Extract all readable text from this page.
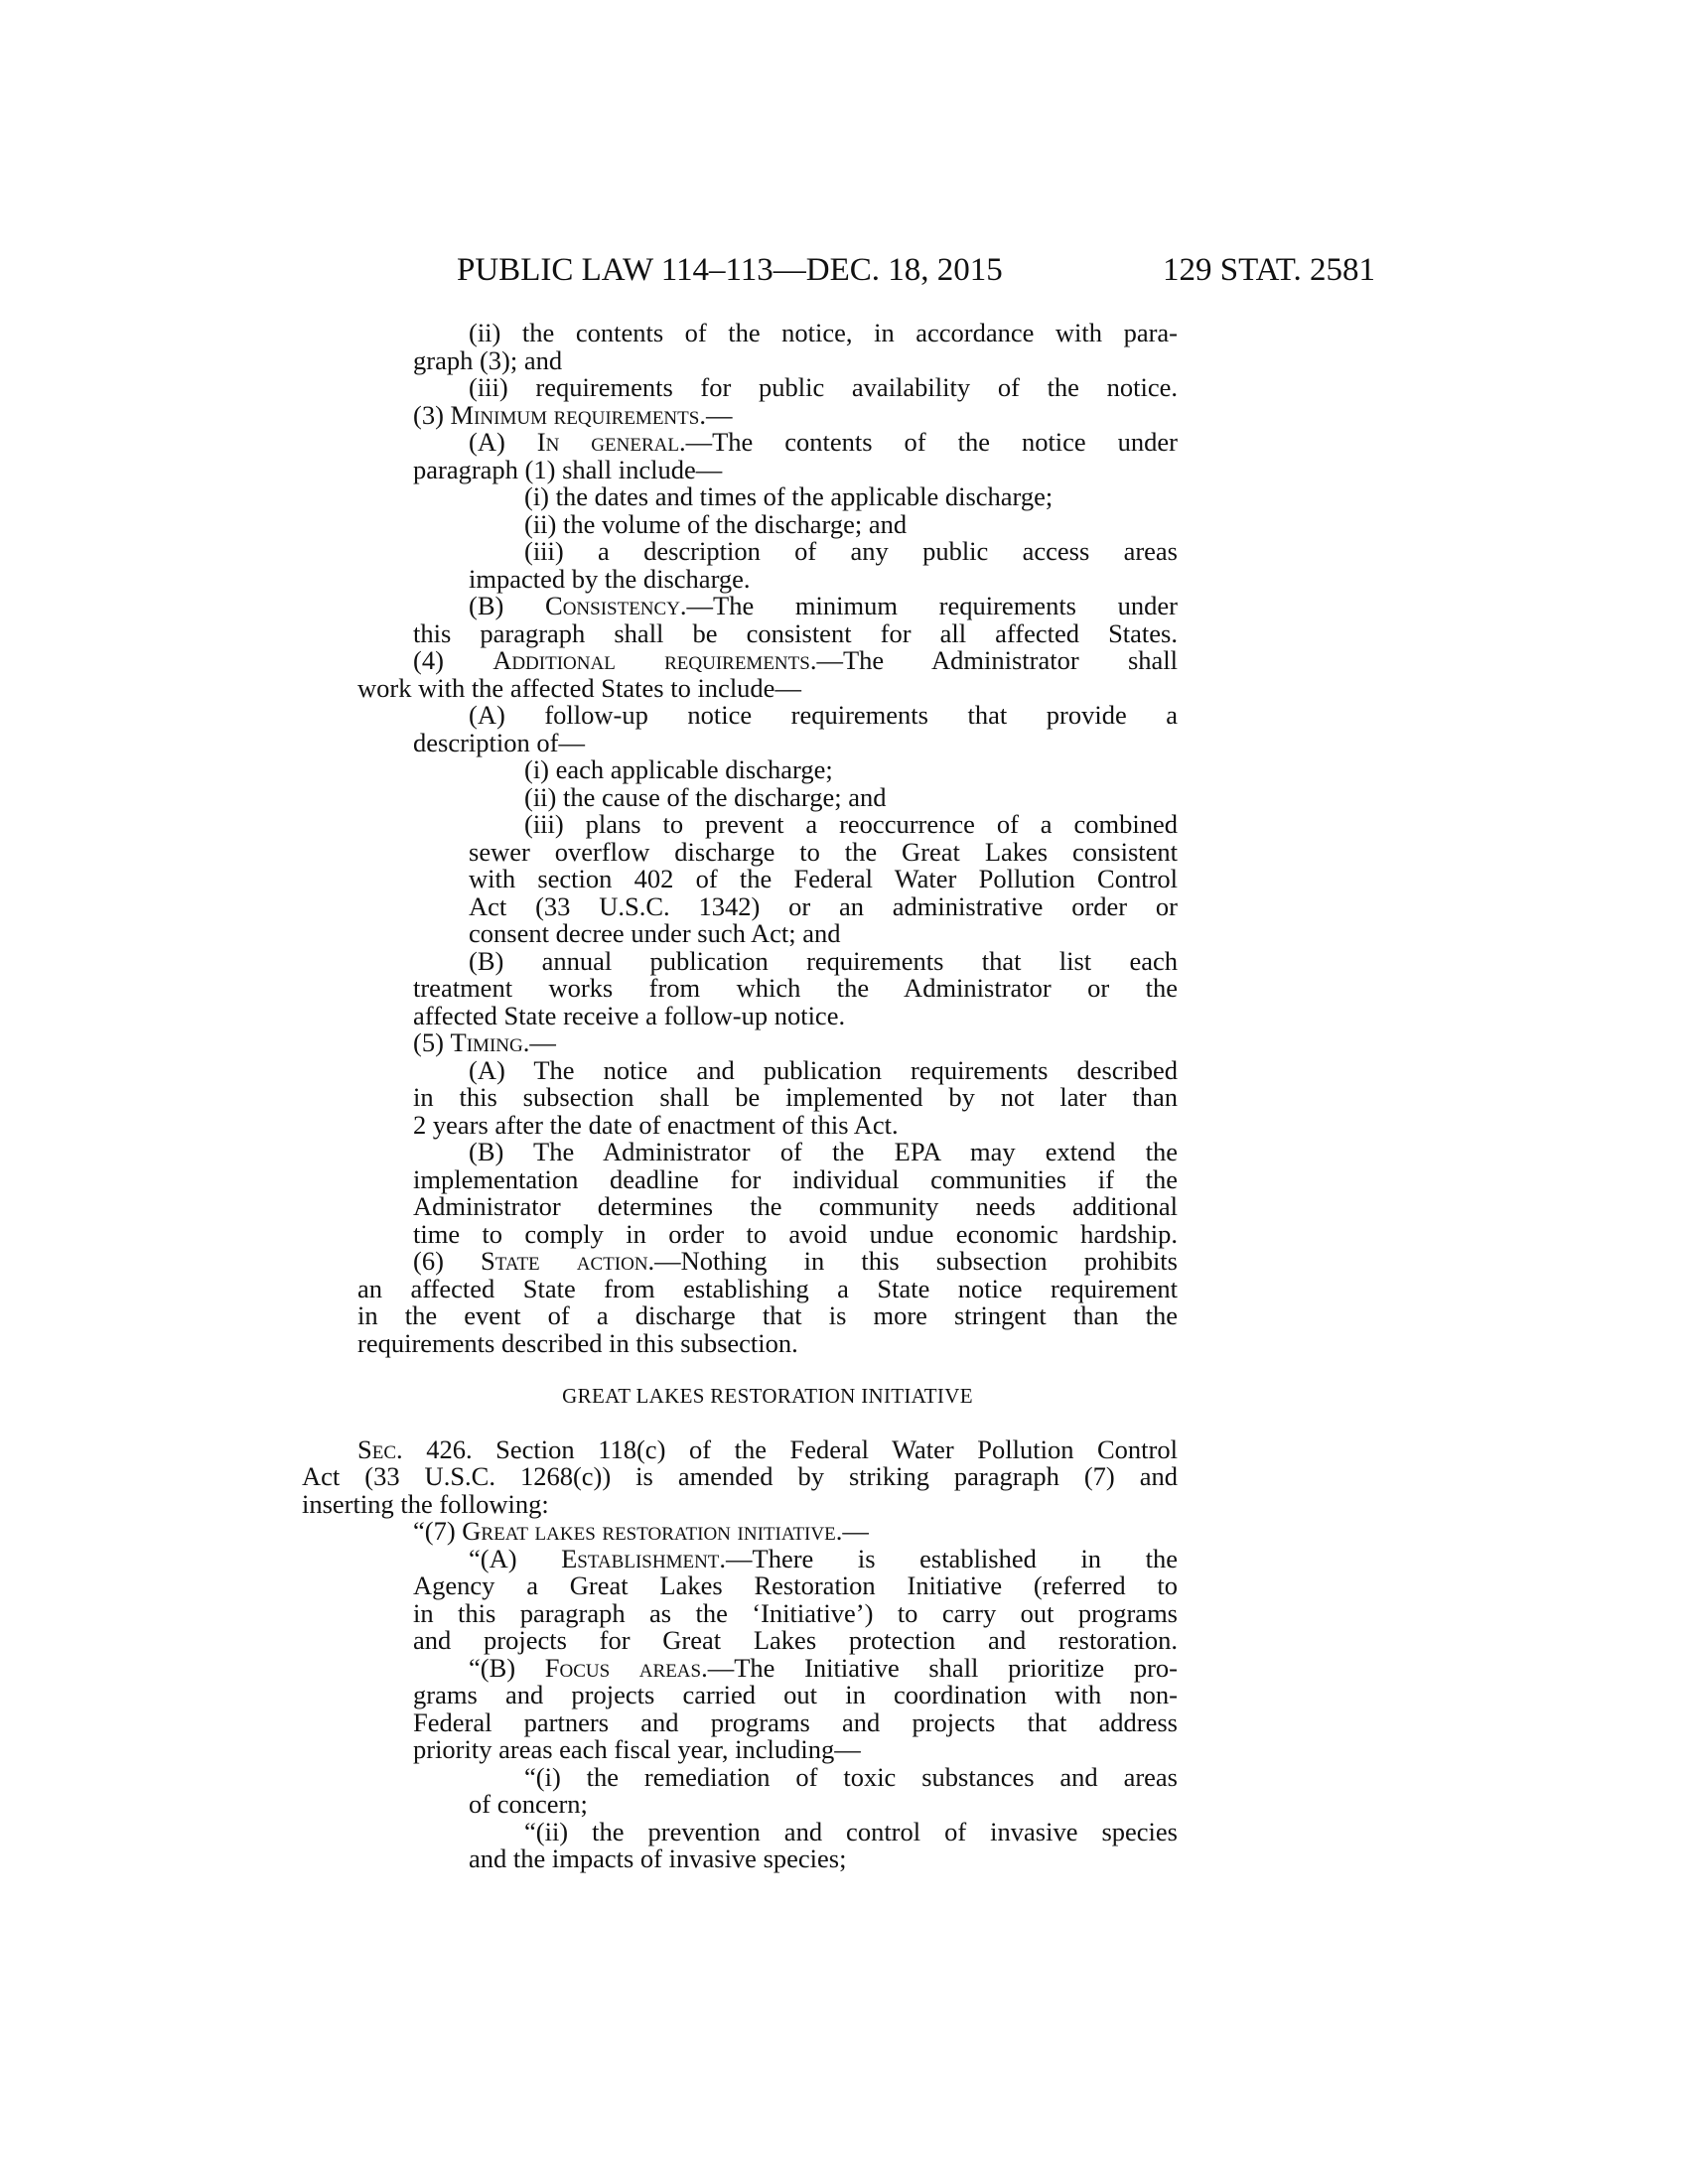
PUBLIC LAW 114–113—DEC. 18, 2015	129 STAT. 2581
(ii) the contents of the notice, in accordance with para-
graph (3); and
(iii) requirements for public availability of the notice.
(3) Minimum requirements.—
(A) In general.—The contents of the notice under
paragraph (1) shall include—
(i) the dates and times of the applicable discharge;
(ii) the volume of the discharge; and
(iii) a description of any public access areas
impacted by the discharge.
(B) Consistency.—The minimum requirements under
this paragraph shall be consistent for all affected States.
(4) Additional requirements.—The Administrator shall
work with the affected States to include—
(A) follow-up notice requirements that provide a
description of—
(i) each applicable discharge;
(ii) the cause of the discharge; and
(iii) plans to prevent a reoccurrence of a combined
sewer overflow discharge to the Great Lakes consistent
with section 402 of the Federal Water Pollution Control
Act (33 U.S.C. 1342) or an administrative order or
consent decree under such Act; and
(B) annual publication requirements that list each
treatment works from which the Administrator or the
affected State receive a follow-up notice.
(5) Timing.—
(A) The notice and publication requirements described
in this subsection shall be implemented by not later than
2 years after the date of enactment of this Act.
(B) The Administrator of the EPA may extend the
implementation deadline for individual communities if the
Administrator determines the community needs additional
time to comply in order to avoid undue economic hardship.
(6) State action.—Nothing in this subsection prohibits
an affected State from establishing a State notice requirement
in the event of a discharge that is more stringent than the
requirements described in this subsection.
GREAT LAKES RESTORATION INITIATIVE
Sec. 426. Section 118(c) of the Federal Water Pollution Control
Act (33 U.S.C. 1268(c)) is amended by striking paragraph (7) and
inserting the following:
“(7) Great lakes restoration initiative.—
“(A) Establishment.—There is established in the
Agency a Great Lakes Restoration Initiative (referred to
in this paragraph as the ‘Initiative’) to carry out programs
and projects for Great Lakes protection and restoration.
“(B) Focus areas.—The Initiative shall prioritize pro-
grams and projects carried out in coordination with non-
Federal partners and programs and projects that address
priority areas each fiscal year, including—
“(i) the remediation of toxic substances and areas
of concern;
“(ii) the prevention and control of invasive species
and the impacts of invasive species;
